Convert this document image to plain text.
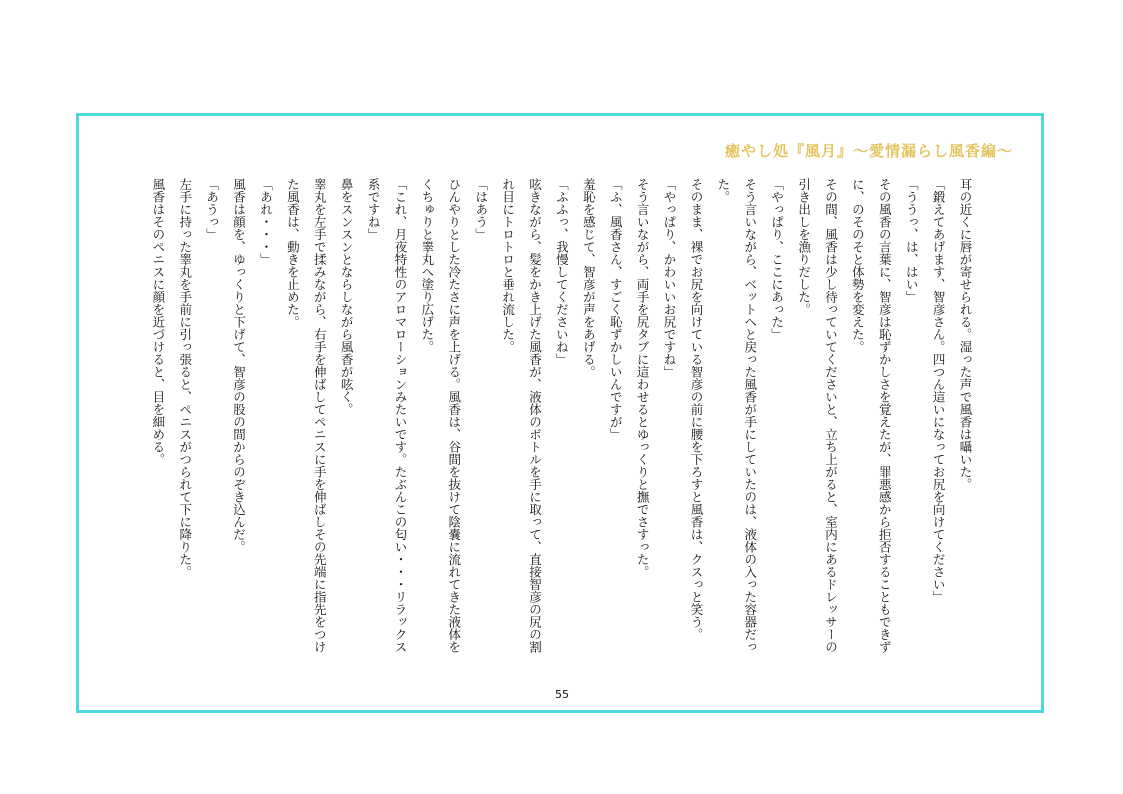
癒やし処『風月』〜愛情漏らし風香編〜

耳の近くに唇が寄せられる。湿った声で風香は囁いた。

「鍛えてあげます、智彦さん。四つん這いになってお尻を向けてください」

「ううっ、は、はい」

その風香の言葉に、智彦は恥ずかしさを覚えたが、罪悪感から拒否することもできずに、のそのそと体勢を変えた。

その間、風香は少し待っていてくださいと、立ち上がると、室内にあるドレッサーの引き出しを漁りだした。

「やっぱり、ここにあった」

そう言いながら、ベットへと戻った風香が手にしていたのは、液体の入った容器だった。

そのまま、裸でお尻を向けている智彦の前に腰を下ろすと風香は、クスっと笑う。

「やっぱり、かわいいお尻ですね」

そう言いながら、両手を尻タブに這わせるとゆっくりと撫でさすった。

「ふ、風香さん、すごく恥ずかしいんですが」

羞恥を感じて、智彦が声をあげる。

「ふふっ、我慢してくださいね」

呟きながら、髪をかき上げた風香が、液体のボトルを手に取って、直接智彦の尻の割れ目にトロトロと垂れ流した。

「はあう」

ひんやりとした冷たさに声を上げる。風香は、谷間を抜けて陰嚢に流れてきた液体をくちゅりと睾丸へ塗り広げた。

「これ、月夜特性のアロマローションみたいです。たぶんこの匂い・・・リラックス系ですね」

鼻をスンスンとならしながら風香が呟く。

睾丸を左手で揉みながら、右手を伸ばしてペニスに手を伸ばしその先端に指先をつけた風香は、動きを止めた。

「あれ・・・」

風香は顔を、ゆっくりと下げて、智彦の股の間からのぞき込んだ。

「あうっ」

左手に持った睾丸を手前に引っ張ると、ペニスがつられて下に降りた。

風香はそのペニスに顔を近づけると、目を細める。

55
